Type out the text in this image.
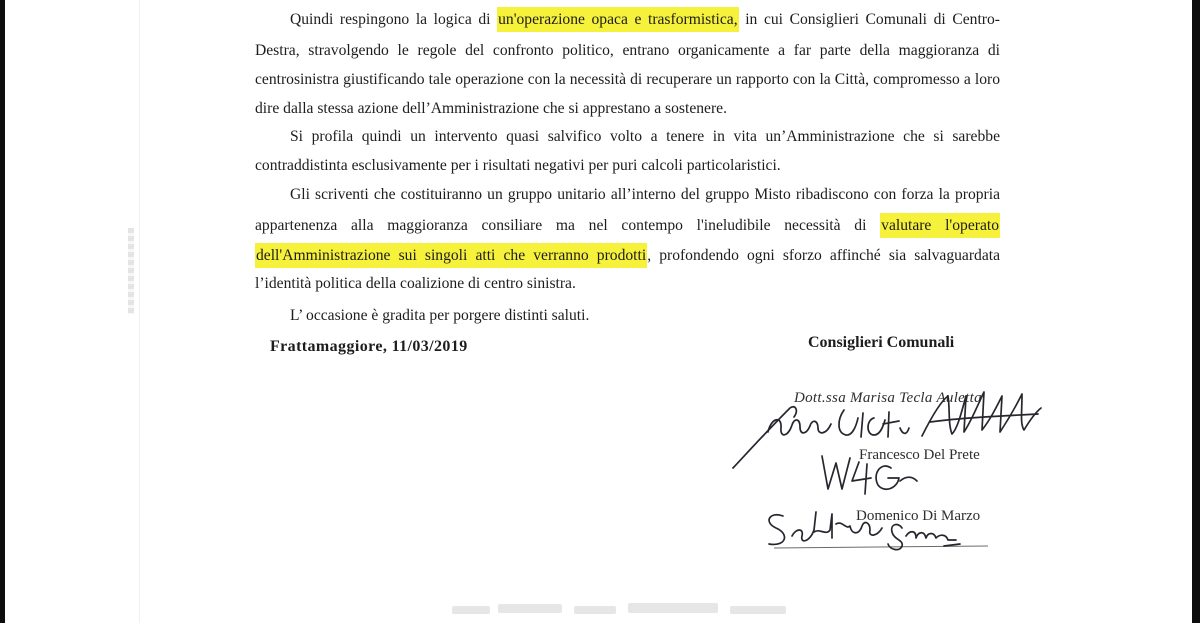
Quindi respingono la logica di un'operazione opaca e trasformistica, in cui Consiglieri Comunali di Centro-
Destra, stravolgendo le regole del confronto politico, entrano organicamente a far parte della maggioranza di
centrosinistra giustificando tale operazione con la necessità di recuperare un rapporto con la Città, compromesso a loro
dire dalla stessa azione dell’Amministrazione che si apprestano a sostenere.
Si profila quindi un intervento quasi salvifico volto a tenere in vita un’Amministrazione che si sarebbe
contraddistinta esclusivamente per i risultati negativi per puri calcoli particolaristici.
Gli scriventi che costituiranno un gruppo unitario all’interno del gruppo Misto ribadiscono con forza la propria
appartenenza alla maggioranza consiliare ma nel contempo l'ineludibile necessità di valutare l'operato
dell'Amministrazione sui singoli atti che verranno prodotti, profondendo ogni sforzo affinché sia salvaguardata
l’identità politica della coalizione di centro sinistra.
L’ occasione è gradita per porgere distinti saluti.
Frattamaggiore, 11/03/2019	Consiglieri Comunali
Dott.ssa Marisa Tecla Auletta
Francesco Del Prete
Domenico Di Marzo
